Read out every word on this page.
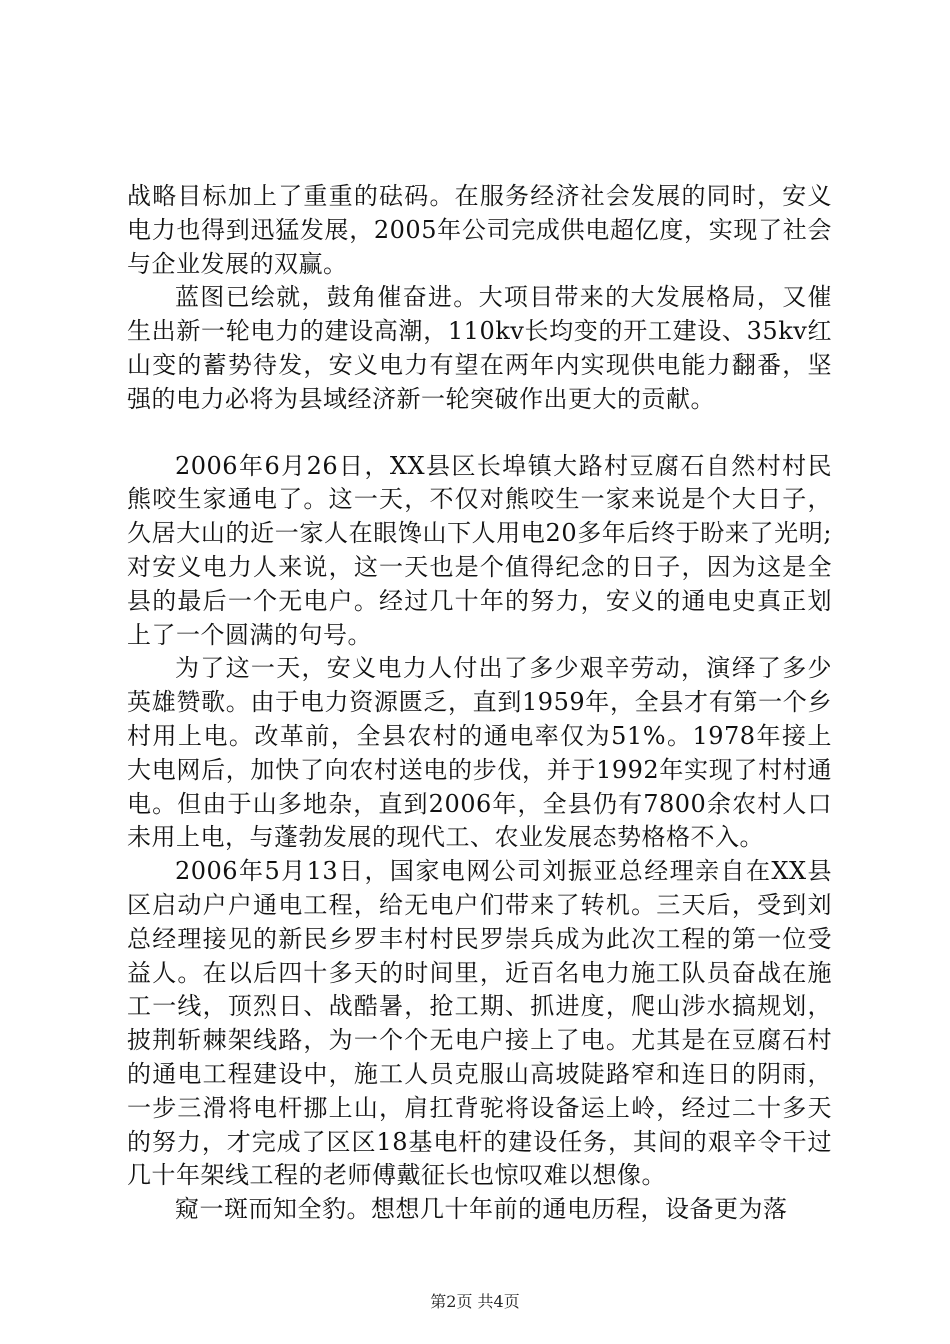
战略目标加上了重重的砝码。在服务经济社会发展的同时，安义电力也得到迅猛发展，2005年公司完成供电超亿度，实现了社会与企业发展的双赢。

蓝图已绘就，鼓角催奋进。大项目带来的大发展格局，又催生出新一轮电力的建设高潮，110kv长均变的开工建设、35kv红山变的蓄势待发，安义电力有望在两年内实现供电能力翻番，坚强的电力必将为县域经济新一轮突破作出更大的贡献。

2006年6月26日，XX县区长埠镇大路村豆腐石自然村村民熊咬生家通电了。这一天，不仅对熊咬生一家来说是个大日子，久居大山的近一家人在眼馋山下人用电20多年后终于盼来了光明;对安义电力人来说，这一天也是个值得纪念的日子，因为这是全县的最后一个无电户。经过几十年的努力，安义的通电史真正划上了一个圆满的句号。

为了这一天，安义电力人付出了多少艰辛劳动，演绎了多少英雄赞歌。由于电力资源匮乏，直到1959年，全县才有第一个乡村用上电。改革前，全县农村的通电率仅为51%。1978年接上大电网后，加快了向农村送电的步伐，并于1992年实现了村村通电。但由于山多地杂，直到2006年，全县仍有7800余农村人口未用上电，与蓬勃发展的现代工、农业发展态势格格不入。

2006年5月13日，国家电网公司刘振亚总经理亲自在XX县区启动户户通电工程，给无电户们带来了转机。三天后，受到刘总经理接见的新民乡罗丰村村民罗崇兵成为此次工程的第一位受益人。在以后四十多天的时间里，近百名电力施工队员奋战在施工一线，顶烈日、战酷暑，抢工期、抓进度，爬山涉水搞规划，披荆斩棘架线路，为一个个无电户接上了电。尤其是在豆腐石村的通电工程建设中，施工人员克服山高坡陡路窄和连日的阴雨，一步三滑将电杆挪上山，肩扛背驼将设备运上岭，经过二十多天的努力，才完成了区区18基电杆的建设任务，其间的艰辛令干过几十年架线工程的老师傅戴征长也惊叹难以想像。

窥一斑而知全豹。想想几十年前的通电历程，设备更为落

第2页 共4页
